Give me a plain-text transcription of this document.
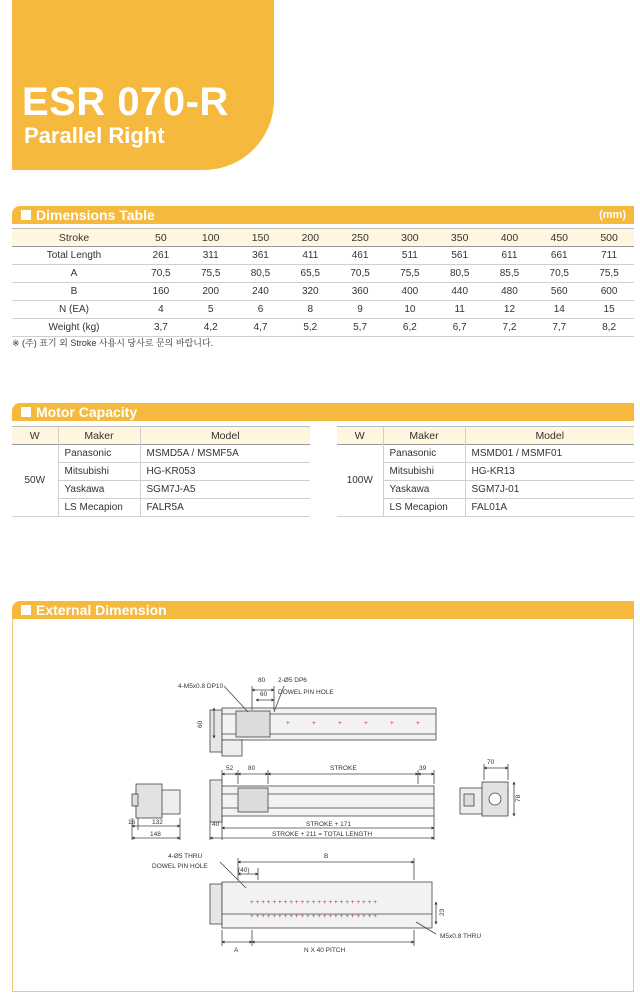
ESR 070-R
Parallel Right
Dimensions Table	(mm)
Stroke	50	100	150	200	250	300	350	400	450	500
Total Length	261	311	361	411	461	511	561	611	661	711
A	70,5	75,5	80,5	65,5	70,5	75,5	80,5	85,5	70,5	75,5
B	160	200	240	320	360	400	440	480	560	600
N (EA)	4	5	6	8	9	10	11	12	14	15
Weight (kg)	3,7	4,2	4,7	5,2	5,7	6,2	6,7	7,2	7,7	8,2
※ (주) 표기 외 Stroke 사용시 당사로 문의 바랍니다.
Motor Capacity
W	Maker	Model
50W	Panasonic	MSMD5A / MSMF5A
	Mitsubishi	HG-KR053
	Yaskawa	SGM7J-A5
	LS Mecapion	FALR5A
W	Maker	Model
100W	Panasonic	MSMD01 / MSMF01
	Mitsubishi	HG-KR13
	Yaskawa	SGM7J-01
	LS Mecapion	FAL01A
External Dimension
+	+	+	+	+	+
4-M5x0.8 DP10
80
60
2-Ø5 DP6
DOWEL PIN HOLE
60
52 80	STROKE	39
40	STROKE + 171
STROKE + 211 = TOTAL LENGTH
16	132
148
70
78
+ + + + + + + + + + + + + + + + + + + + + + +
+ + + + + + + + + + + + + + + + + + + + + + +
4-Ø5 THRU
DOWEL PIN HOLE
B
(40)
A	N X 40 PITCH
M5x0.8 THRU
23
